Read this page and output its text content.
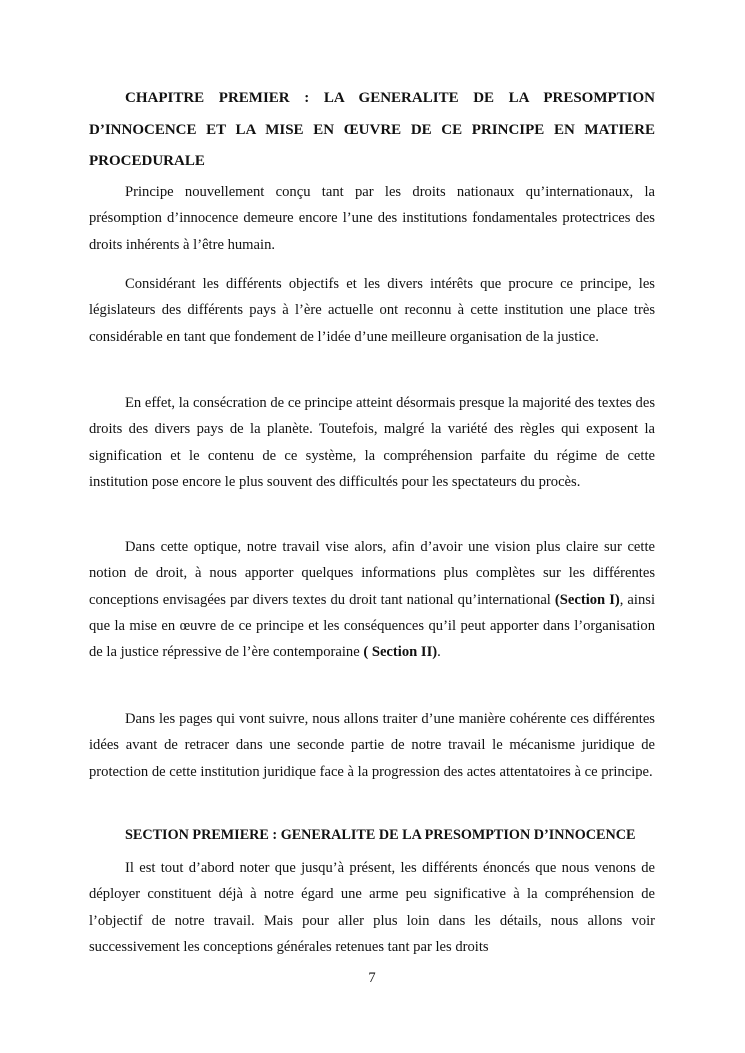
CHAPITRE PREMIER : LA GENERALITE DE LA PRESOMPTION D’INNOCENCE ET LA MISE EN ŒUVRE DE CE PRINCIPE EN MATIERE PROCEDURALE

Principe nouvellement conçu tant par les droits nationaux qu’internationaux, la présomption d’innocence demeure encore l’une des institutions fondamentales protectrices des droits inhérents à l’être humain.

Considérant les différents objectifs et les divers intérêts que procure ce principe, les législateurs des différents pays à l’ère actuelle ont reconnu à cette institution une place très considérable en tant que fondement de l’idée d’une meilleure organisation de la justice.

En effet, la consécration de ce principe atteint désormais presque la majorité des textes des droits des divers pays de la planète. Toutefois, malgré la variété des règles qui exposent la signification et le contenu de ce système, la compréhension parfaite du régime de cette institution pose encore le plus souvent des difficultés pour les spectateurs du procès.

Dans cette optique, notre travail vise alors, afin d’avoir une vision plus claire sur cette notion de droit, à nous apporter quelques informations plus complètes sur les différentes conceptions envisagées par divers textes du droit tant national qu’international (Section I), ainsi que la mise en œuvre de ce principe et les conséquences qu’il peut apporter dans l’organisation de la justice répressive de l’ère contemporaine ( Section II).

Dans les pages qui vont suivre, nous allons traiter d’une manière cohérente ces différentes idées avant de retracer dans une seconde partie de notre travail le mécanisme juridique de protection de cette institution juridique face à la progression des actes attentatoires à ce principe.

SECTION PREMIERE : GENERALITE DE LA PRESOMPTION D’INNOCENCE

Il est tout d’abord noter que jusqu’à présent, les différents énoncés que nous venons de déployer constituent déjà à notre égard une arme peu significative à la compréhension de l’objectif de notre travail. Mais pour aller plus loin dans les détails, nous allons voir successivement les conceptions générales retenues tant par les droits

7
